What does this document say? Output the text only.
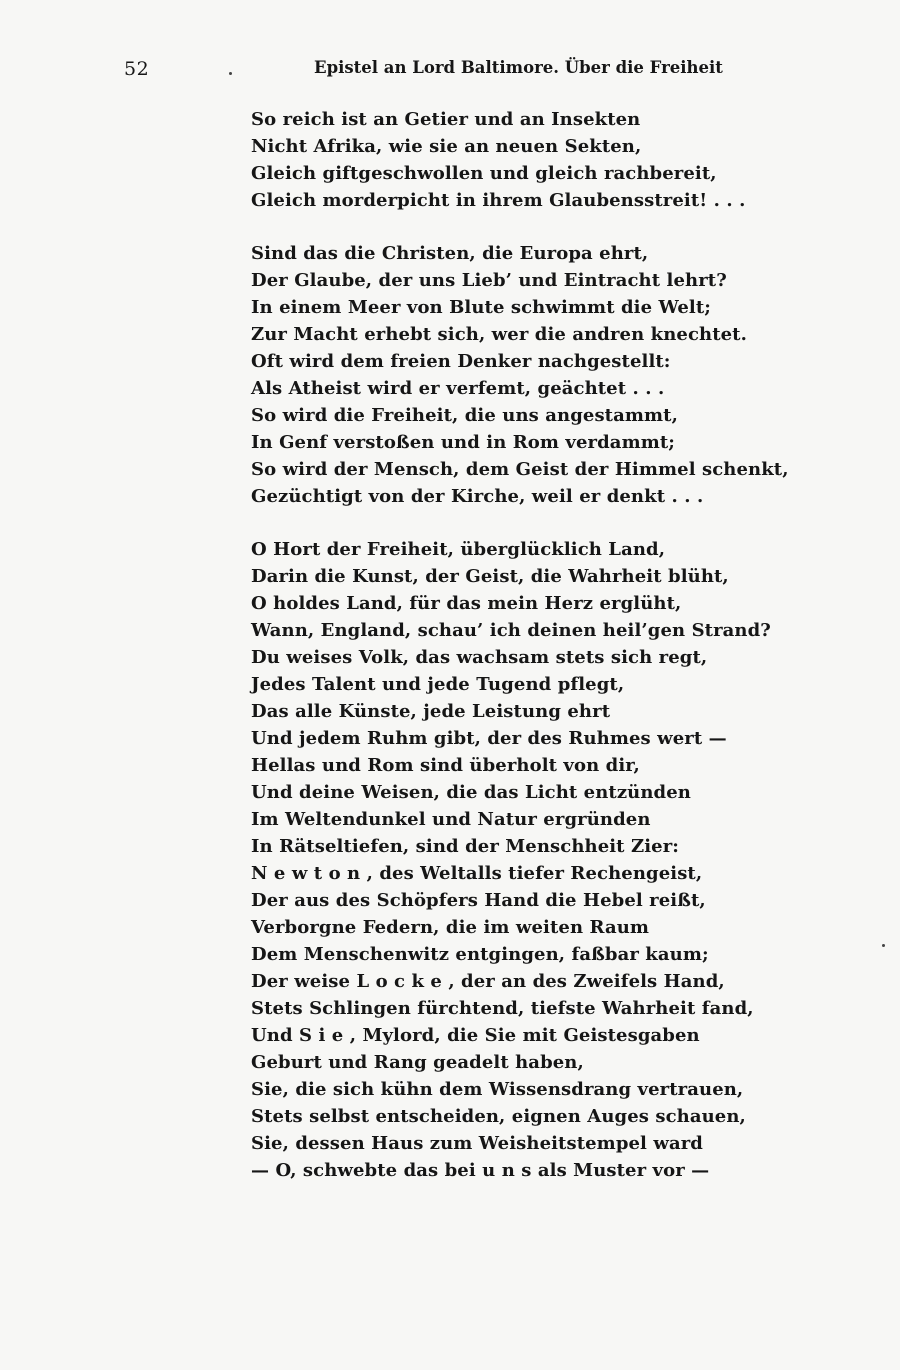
52	Epistel an Lord Baltimore. Über die Freiheit
So reich ist an Getier und an Insekten
Nicht Afrika, wie sie an neuen Sekten,
Gleich giftgeschwollen und gleich rachbereit,
Gleich morderpicht in ihrem Glaubensstreit! . . .
Sind das die Christen, die Europa ehrt,
Der Glaube, der uns Lieb’ und Eintracht lehrt?
In einem Meer von Blute schwimmt die Welt;
Zur Macht erhebt sich, wer die andren knechtet.
Oft wird dem freien Denker nachgestellt:
Als Atheist wird er verfemt, geächtet . . .
So wird die Freiheit, die uns angestammt,
In Genf verstoßen und in Rom verdammt;
So wird der Mensch, dem Geist der Himmel schenkt,
Gezüchtigt von der Kirche, weil er denkt . . .
O Hort der Freiheit, überglücklich Land,
Darin die Kunst, der Geist, die Wahrheit blüht,
O holdes Land, für das mein Herz erglüht,
Wann, England, schau’ ich deinen heil’gen Strand?
Du weises Volk, das wachsam stets sich regt,
Jedes Talent und jede Tugend pflegt,
Das alle Künste, jede Leistung ehrt
Und jedem Ruhm gibt, der des Ruhmes wert —
Hellas und Rom sind überholt von dir,
Und deine Weisen, die das Licht entzünden
Im Weltendunkel und Natur ergründen
In Rätseltiefen, sind der Menschheit Zier:
N e w t o n , des Weltalls tiefer Rechengeist,
Der aus des Schöpfers Hand die Hebel reißt,
Verborgne Federn, die im weiten Raum
Dem Menschenwitz entgingen, faßbar kaum;
Der weise L o c k e , der an des Zweifels Hand,
Stets Schlingen fürchtend, tiefste Wahrheit fand,
Und S i e , Mylord, die Sie mit Geistesgaben
Geburt und Rang geadelt haben,
Sie, die sich kühn dem Wissensdrang vertrauen,
Stets selbst entscheiden, eignen Auges schauen,
Sie, dessen Haus zum Weisheitstempel ward
— O, schwebte das bei u n s als Muster vor —
